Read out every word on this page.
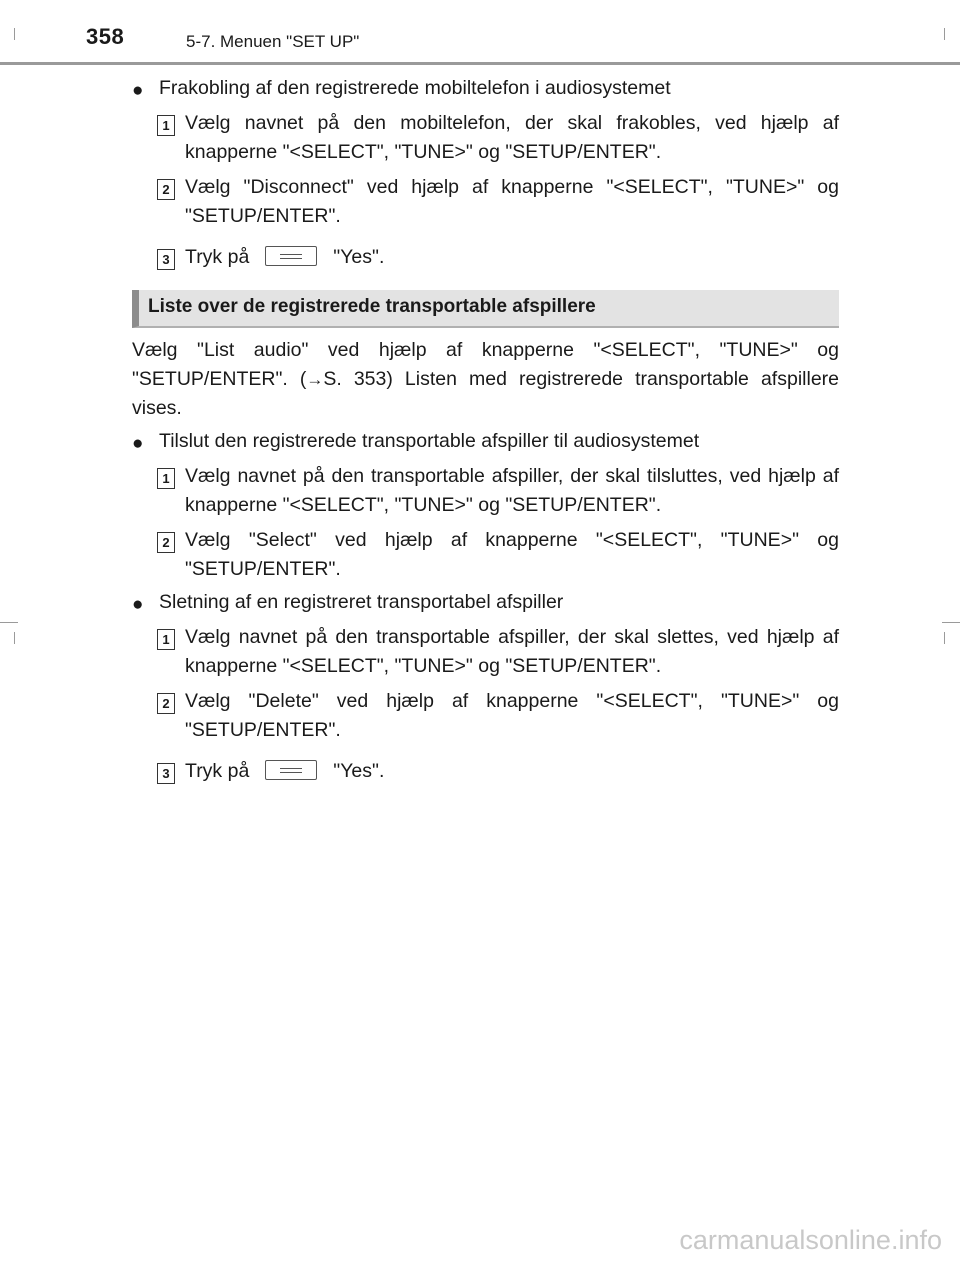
358	5-7. Menuen "SET UP"
● Frakobling af den registrerede mobiltelefon i audiosystemet
1 Vælg navnet på den mobiltelefon, der skal frakobles, ved hjælp af knapperne "<SELECT", "TUNE>" og "SETUP/ENTER".
2 Vælg "Disconnect" ved hjælp af knapperne "<SELECT", "TUNE>" og "SETUP/ENTER".
3 Tryk på	"Yes".
Liste over de registrerede transportable afspillere
Vælg "List audio" ved hjælp af knapperne "<SELECT", "TUNE>" og "SETUP/ENTER". (→S. 353) Listen med registrerede transportable afspillere vises.
● Tilslut den registrerede transportable afspiller til audiosystemet
1 Vælg navnet på den transportable afspiller, der skal tilsluttes, ved hjælp af knapperne "<SELECT", "TUNE>" og "SETUP/ENTER".
2 Vælg "Select" ved hjælp af knapperne "<SELECT", "TUNE>" og "SETUP/ENTER".
● Sletning af en registreret transportabel afspiller
1 Vælg navnet på den transportable afspiller, der skal slettes, ved hjælp af knapperne "<SELECT", "TUNE>" og "SETUP/ENTER".
2 Vælg "Delete" ved hjælp af knapperne "<SELECT", "TUNE>" og "SETUP/ENTER".
3 Tryk på	"Yes".
carmanualsonline.info
